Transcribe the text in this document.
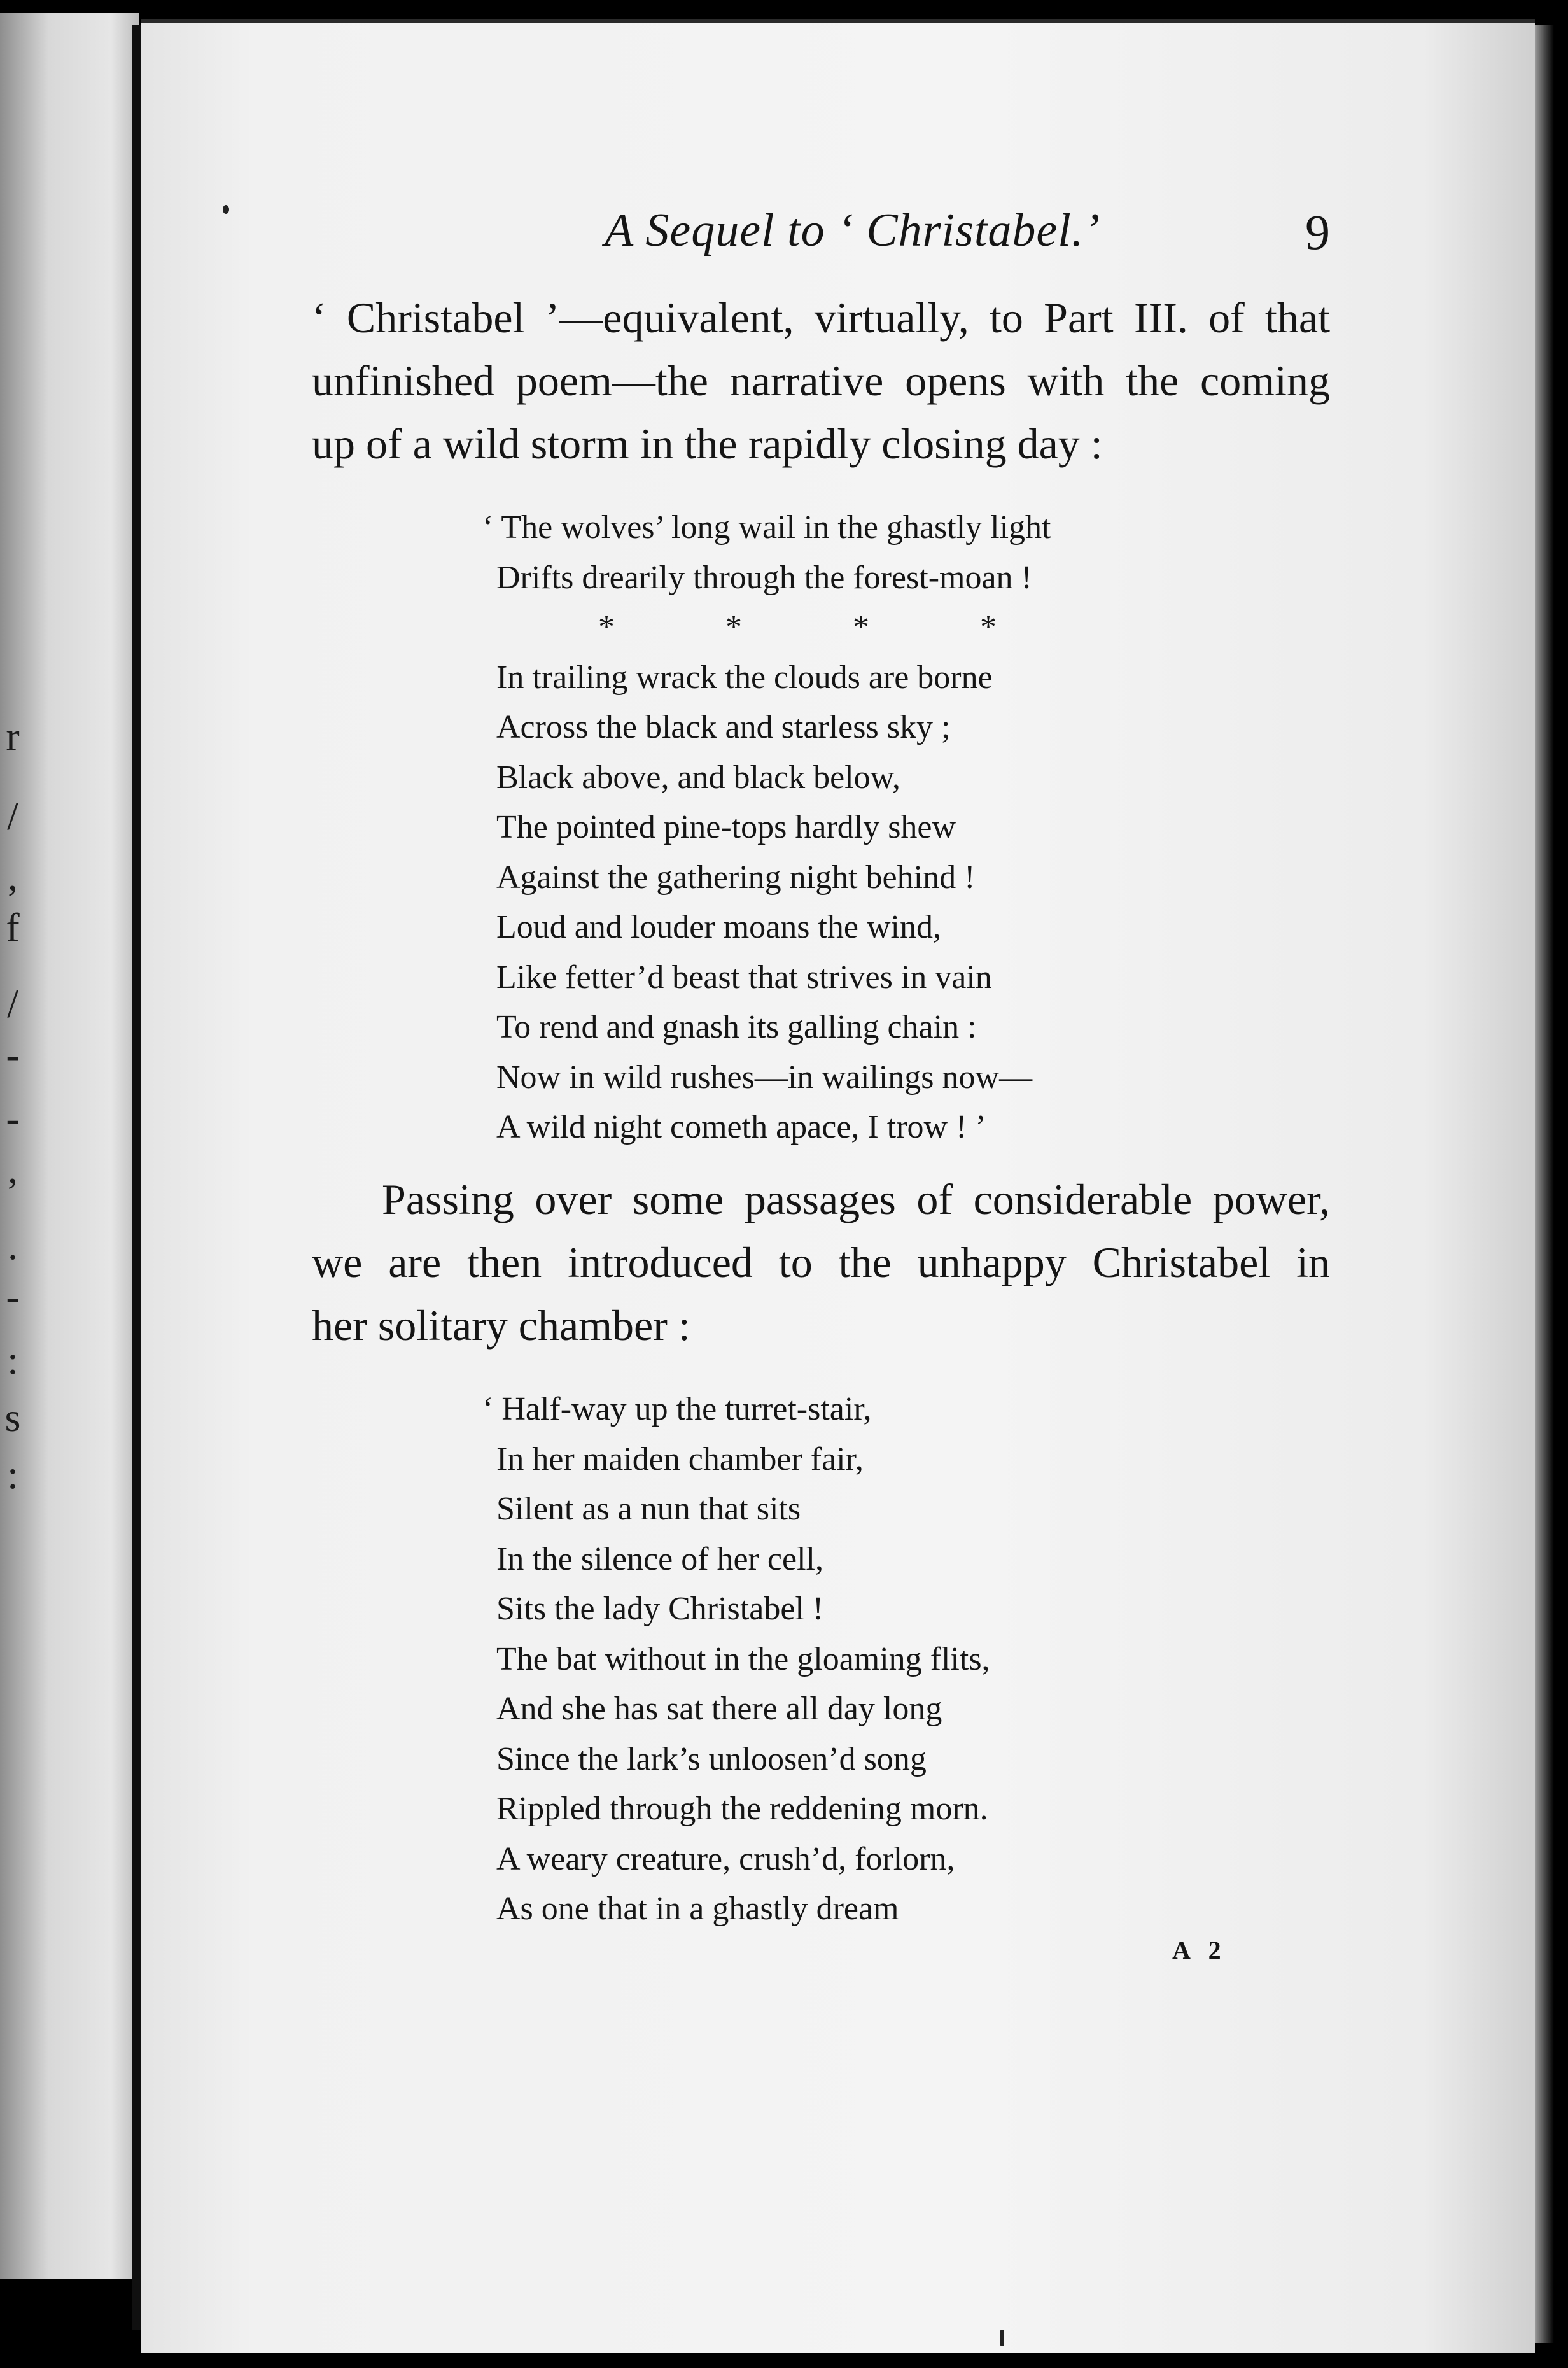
r
/
,
f
/
-
-
,
.
-
:
s
:
A Sequel to ‘ Christabel.’	9
‘ Christabel ’—equivalent, virtually, to Part III. of that
unfinished poem—the narrative opens with the coming
up of a wild storm in the rapidly closing day :
‘ The wolves’ long wail in the ghastly light
Drifts drearily through the forest-moan !
*	*	*	*
In trailing wrack the clouds are borne
Across the black and starless sky ;
Black above, and black below,
The pointed pine-tops hardly shew
Against the gathering night behind !
Loud and louder moans the wind,
Like fetter’d beast that strives in vain
To rend and gnash its galling chain :
Now in wild rushes—in wailings now—
A wild night cometh apace, I trow ! ’
Passing over some passages of considerable power,
we are then introduced to the unhappy Christabel in
her solitary chamber :
‘ Half-way up the turret-stair,
In her maiden chamber fair,
Silent as a nun that sits
In the silence of her cell,
Sits the lady Christabel !
The bat without in the gloaming flits,
And she has sat there all day long
Since the lark’s unloosen’d song
Rippled through the reddening morn.
A weary creature, crush’d, forlorn,
As one that in a ghastly dream
A 2
